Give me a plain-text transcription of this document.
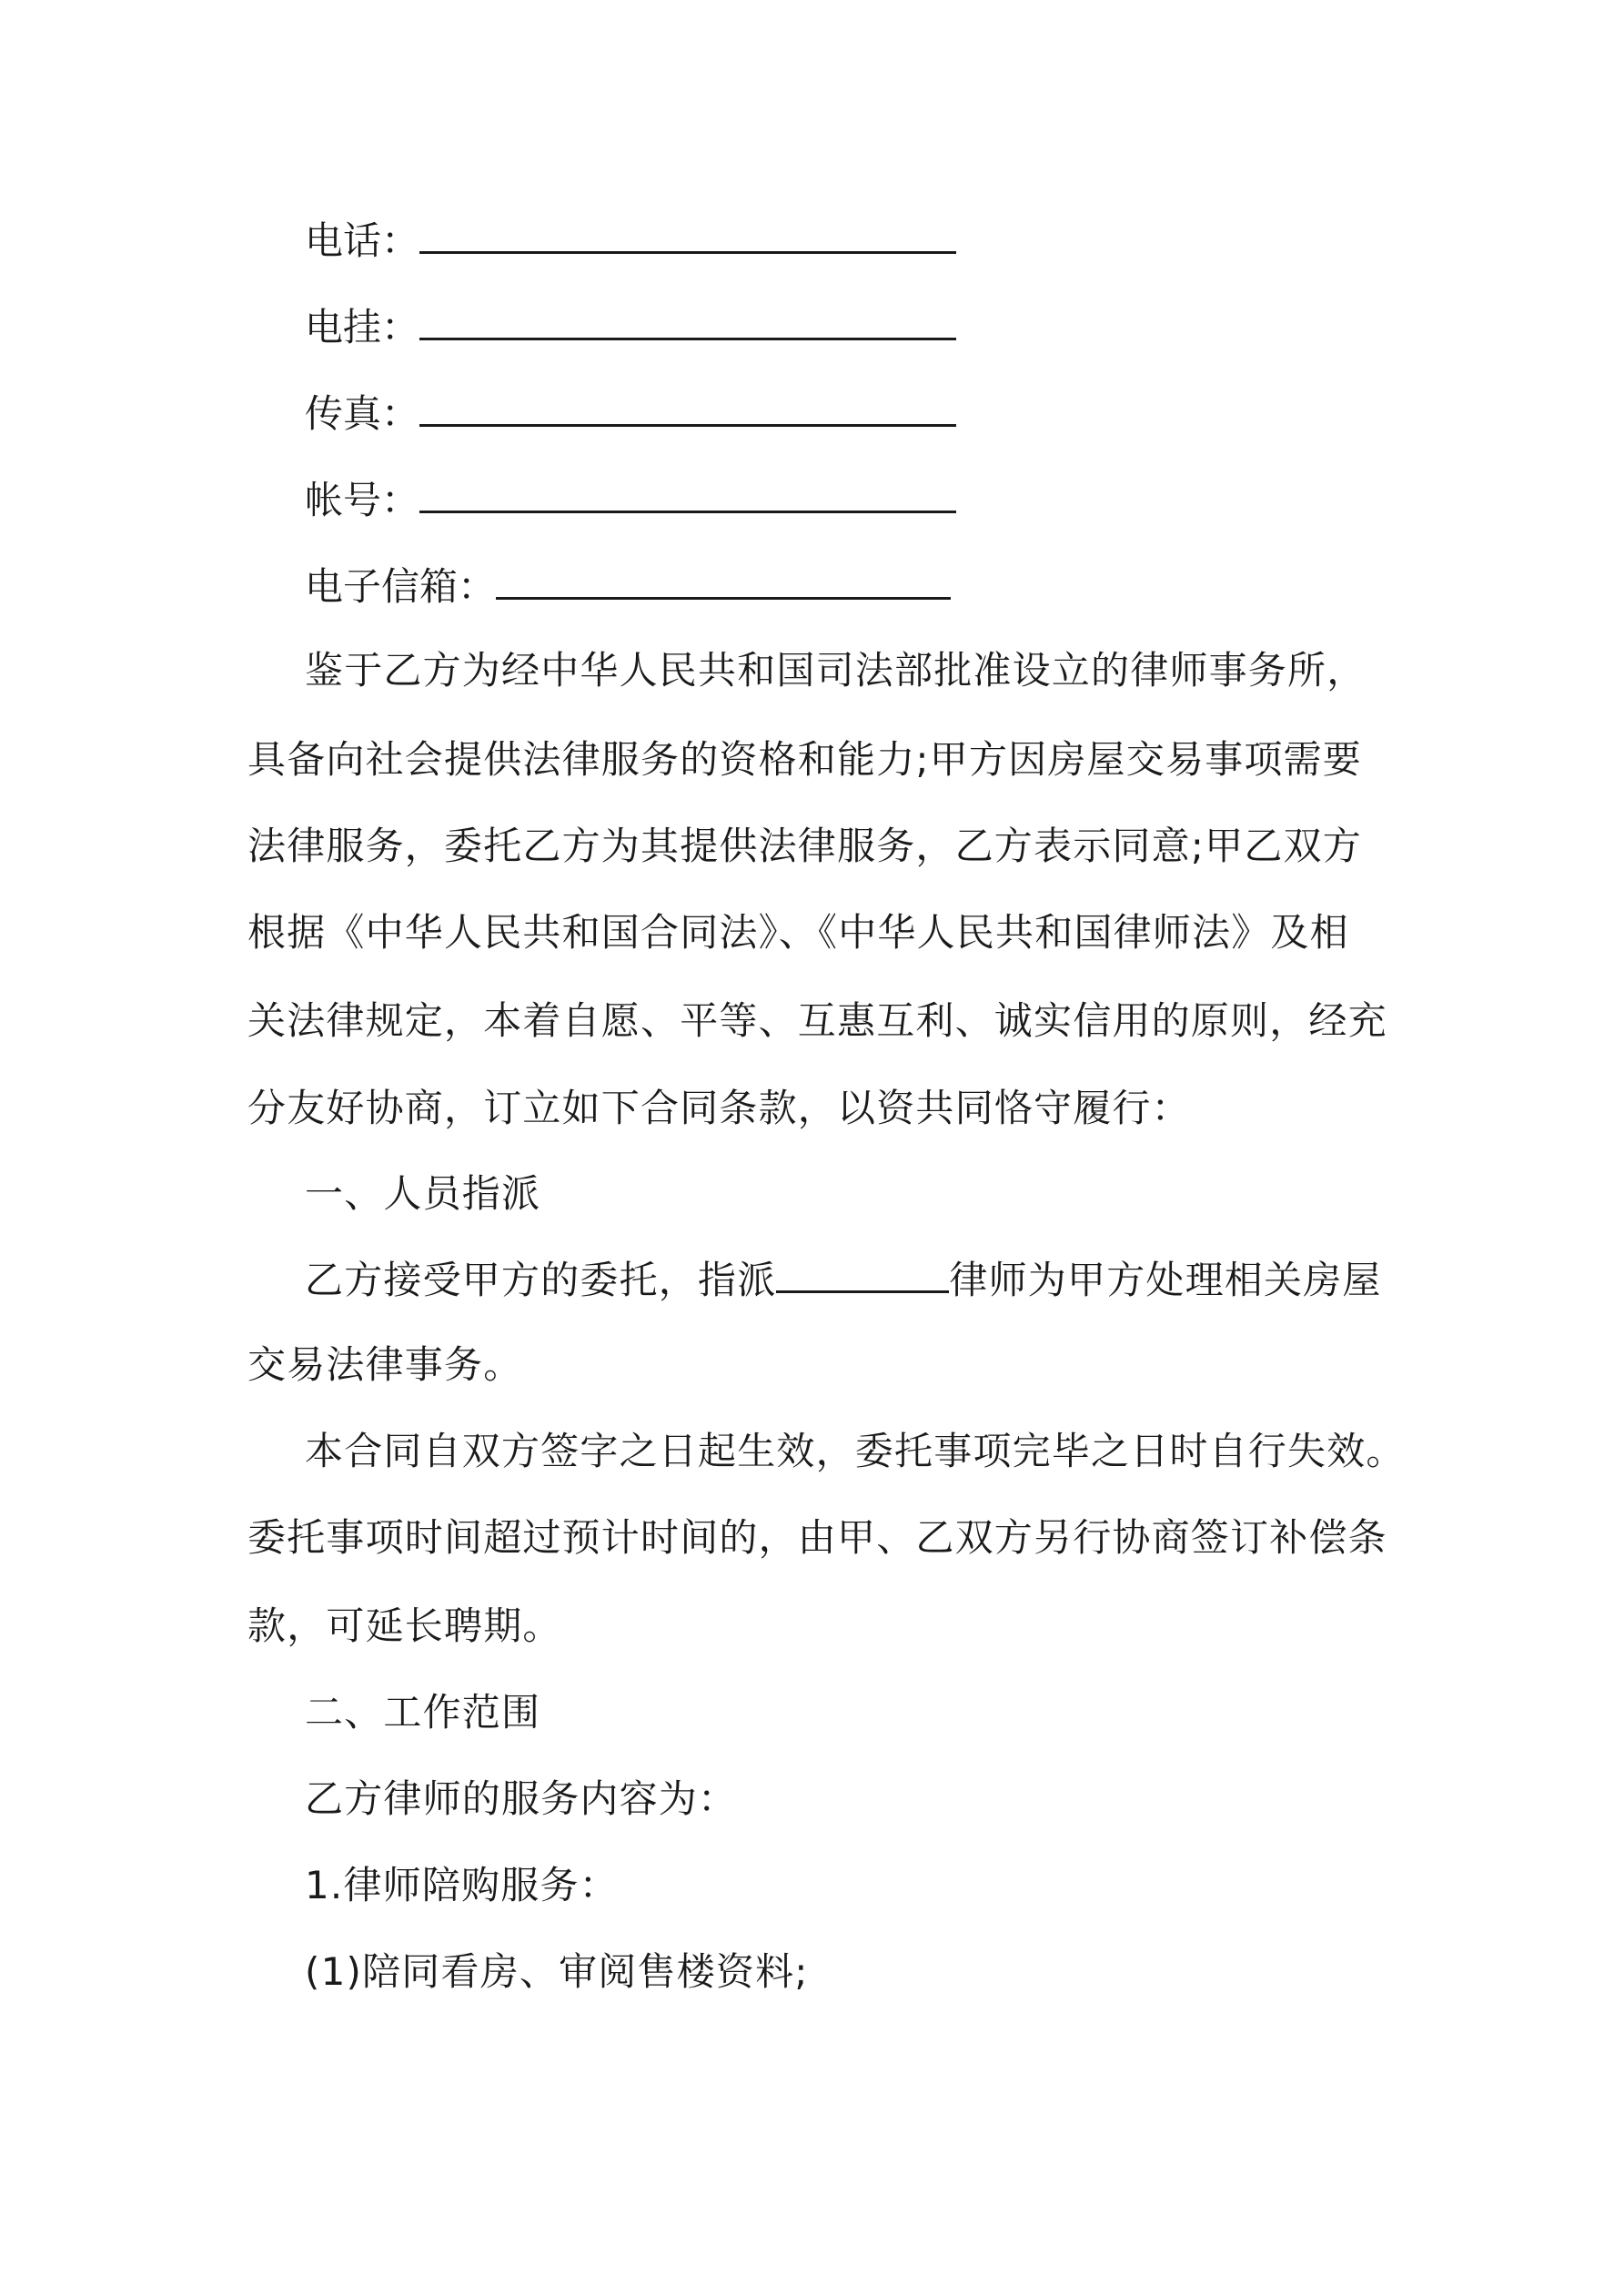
电话：
电挂：
传真：
帐号：
电子信箱：
鉴于乙方为经中华人民共和国司法部批准设立的律师事务所，
具备向社会提供法律服务的资格和能力;甲方因房屋交易事项需要
法律服务，委托乙方为其提供法律服务，乙方表示同意;甲乙双方
根据《中华人民共和国合同法》、《中华人民共和国律师法》及相
关法律规定，本着自愿、平等、互惠互利、诚实信用的原则，经充
分友好协商，订立如下合同条款，以资共同恪守履行：
一、人员指派
乙方接受甲方的委托，指派	律师为甲方处理相关房屋
交易法律事务。
本合同自双方签字之日起生效，委托事项完毕之日时自行失效。
委托事项时间超过预计时间的，由甲、乙双方另行协商签订补偿条
款，可延长聘期。
二、工作范围
乙方律师的服务内容为：
1.律师陪购服务：
(1)陪同看房、审阅售楼资料;
